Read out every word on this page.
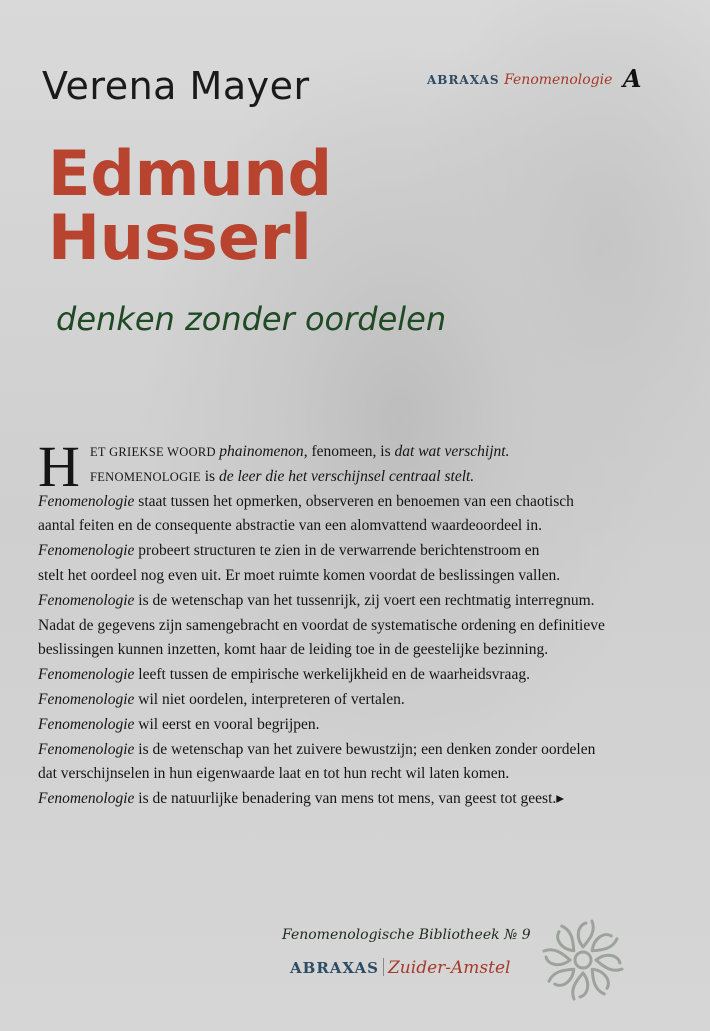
Verena Mayer	ABRAXAS Fenomenologie A
Edmund
Husserl
denken zonder oordelen
H ET GRIEKSE WOORD phainomenon, fenomeen, is dat wat verschijnt.
FENOMENOLOGIE is de leer die het verschijnsel centraal stelt.
Fenomenologie staat tussen het opmerken, observeren en benoemen van een chaotisch
aantal feiten en de consequente abstractie van een alomvattend waardeoordeel in.
Fenomenologie probeert structuren te zien in de verwarrende berichtenstroom en
stelt het oordeel nog even uit. Er moet ruimte komen voordat de beslissingen vallen.
Fenomenologie is de wetenschap van het tussenrijk, zij voert een rechtmatig interregnum.
Nadat de gegevens zijn samengebracht en voordat de systematische ordening en definitieve
beslissingen kunnen inzetten, komt haar de leiding toe in de geestelijke bezinning.
Fenomenologie leeft tussen de empirische werkelijkheid en de waarheidsvraag.
Fenomenologie wil niet oordelen, interpreteren of vertalen.
Fenomenologie wil eerst en vooral begrijpen.
Fenomenologie is de wetenschap van het zuivere bewustzijn; een denken zonder oordelen
dat verschijnselen in hun eigenwaarde laat en tot hun recht wil laten komen.
Fenomenologie is de natuurlijke benadering van mens tot mens, van geest tot geest.▸
Fenomenologische Bibliotheek № 9
ABRAXAS Zuider-Amstel
